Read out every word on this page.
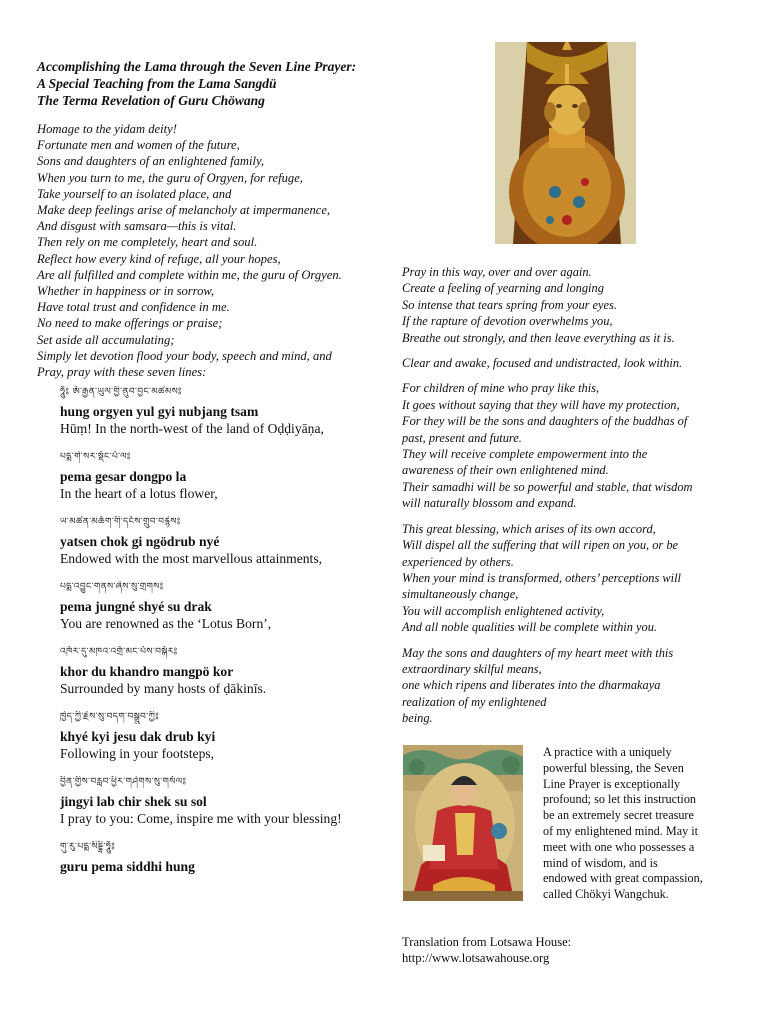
Accomplishing the Lama through the Seven Line Prayer:
A Special Teaching from the Lama Sangdü
The Terma Revelation of Guru Chöwang
Homage to the yidam deity!
Fortunate men and women of the future,
Sons and daughters of an enlightened family,
When you turn to me, the guru of Orgyen, for refuge,
Take yourself to an isolated place, and
Make deep feelings arise of melancholy at impermanence,
And disgust with samsara—this is vital.
Then rely on me completely, heart and soul.
Reflect how every kind of refuge, all your hopes,
Are all fulfilled and complete within me, the guru of Orgyen.
Whether in happiness or in sorrow,
Have total trust and confidence in me.
No need to make offerings or praise;
Set aside all accumulating;
Simply let devotion flood your body, speech and mind, and
Pray, pray with these seven lines:
ཧཱུྃ༔ ཨོ་རྒྱན་ཡུལ་གྱི་ནུབ་བྱང་མཚམས༔
hung orgyen yul gyi nubjang tsam
Hūṃ! In the north-west of the land of Oḍḍiyāṇa,
པདྨ་གེ་སར་སྡོང་པོ་ལ༔
pema gesar dongpo la
In the heart of a lotus flower,
ཡ་མཚན་མཆོག་གི་དངོས་གྲུབ་བརྙེས༔
yatsen chok gi ngödrub nyé
Endowed with the most marvellous attainments,
པདྨ་འབྱུང་གནས་ཞེས་སུ་གྲགས༔
pema jungné shyé su drak
You are renowned as the ‘Lotus Born’,
འཁོར་དུ་མཁའ་འགྲོ་མང་པོས་བསྐོར༔
khor du khandro mangpö kor
Surrounded by many hosts of ḍākinīs.
ཁྱེད་ཀྱི་རྗེས་སུ་བདག་བསྒྲུབ་ཀྱི༔
khyé kyi jesu dak drub kyi
Following in your footsteps,
བྱིན་གྱིས་བརླབ་ཕྱིར་གཤེགས་སུ་གསོལ༔
jingyi lab chir shek su sol
I pray to you: Come, inspire me with your blessing!
གུ་རུ་པདྨ་སིདྡྷི་ཧཱུྃ༔
guru pema siddhi hung
Pray in this way, over and over again.
Create a feeling of yearning and longing
So intense that tears spring from your eyes.
If the rapture of devotion overwhelms you,
Breathe out strongly, and then leave everything as it is.
Clear and awake, focused and undistracted, look within.
For children of mine who pray like this,
It goes without saying that they will have my protection,
For they will be the sons and daughters of the buddhas of
past, present and future.
They will receive complete empowerment into the
awareness of their own enlightened mind.
Their samadhi will be so powerful and stable, that wisdom
will naturally blossom and expand.
This great blessing, which arises of its own accord,
Will dispel all the suffering that will ripen on you, or be
experienced by others.
When your mind is transformed, others’ perceptions will
simultaneously change,
You will accomplish enlightened activity,
And all noble qualities will be complete within you.
May the sons and daughters of my heart meet with this
extraordinary skilful means,
one which ripens and liberates into the dharmakaya
realization of my enlightened
being.
A practice with a uniquely
powerful blessing, the Seven
Line Prayer is exceptionally
profound; so let this instruction
be an extremely secret treasure
of my enlightened mind. May it
meet with one who possesses a
mind of wisdom, and is
endowed with great compassion,
called Chökyi Wangchuk.
Translation from Lotsawa House:
http://www.lotsawahouse.org
